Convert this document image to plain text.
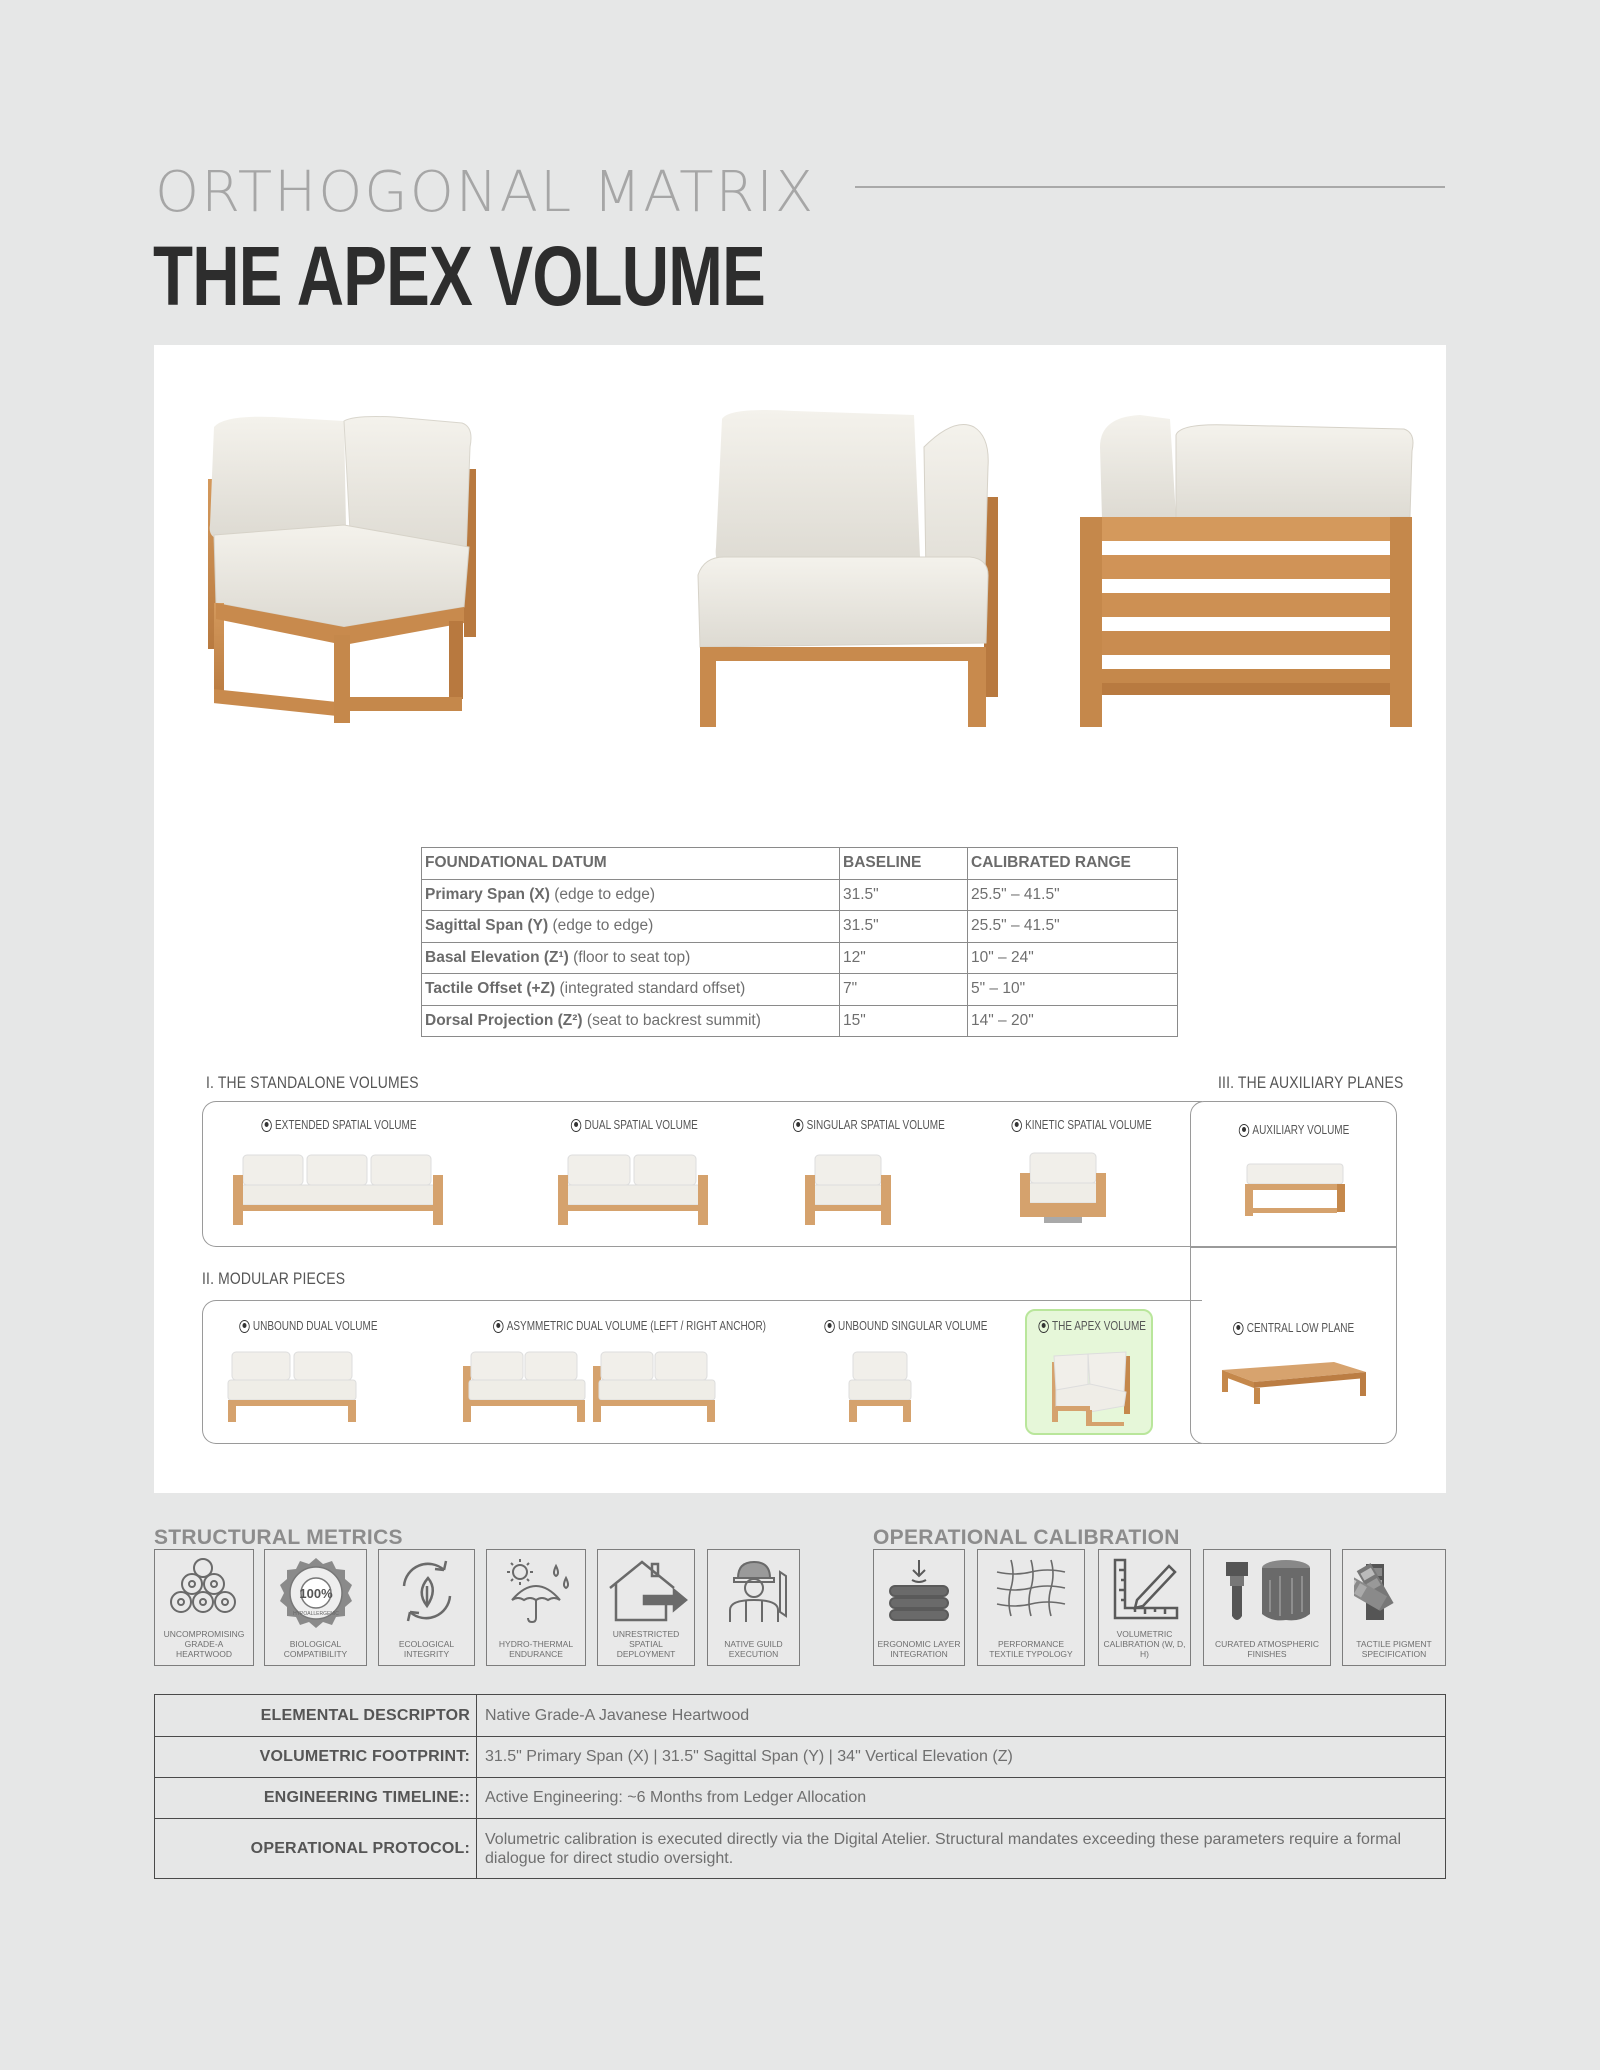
ORTHOGONAL MATRIX
THE APEX VOLUME
FOUNDATIONAL DATUM	BASELINE	CALIBRATED RANGE
Primary Span (X) (edge to edge)	31.5"	25.5" – 41.5"
Sagittal Span (Y) (edge to edge)	31.5"	25.5" – 41.5"
Basal Elevation (Z¹) (floor to seat top)	12"	10" – 24"
Tactile Offset (+Z) (integrated standard offset)	7"	5" – 10"
Dorsal Projection (Z²) (seat to backrest summit)	15"	14" – 20"
I. THE STANDALONE VOLUMES	III. THE AUXILIARY PLANES
II. MODULAR PIECES
EXTENDED SPATIAL VOLUME	DUAL SPATIAL VOLUME	SINGULAR SPATIAL VOLUME	KINETIC SPATIAL VOLUME	AUXILIARY VOLUME
CENTRAL LOW PLANE
UNBOUND DUAL VOLUME	ASYMMETRIC DUAL VOLUME (LEFT / RIGHT ANCHOR)	UNBOUND SINGULAR VOLUME	THE APEX VOLUME
STRUCTURAL METRICS	OPERATIONAL CALIBRATION
UNCOMPROMISING GRADE-A HEARTWOOD
100%
HYPOALLERGENIC
BIOLOGICAL COMPATIBILITY
ECOLOGICAL INTEGRITY
HYDRO-THERMAL ENDURANCE
UNRESTRICTED SPATIAL DEPLOYMENT
NATIVE GUILD EXECUTION
ERGONOMIC LAYER INTEGRATION
PERFORMANCE TEXTILE TYPOLOGY
VOLUMETRIC CALIBRATION (W, D, H)
CURATED ATMOSPHERIC FINISHES
TACTILE PIGMENT SPECIFICATION
ELEMENTAL DESCRIPTOR	Native Grade-A Javanese Heartwood
VOLUMETRIC FOOTPRINT:	31.5" Primary Span (X) | 31.5" Sagittal Span (Y) | 34" Vertical Elevation (Z)
ENGINEERING TIMELINE::	Active Engineering: ~6 Months from Ledger Allocation
OPERATIONAL PROTOCOL:	Volumetric calibration is executed directly via the Digital Atelier. Structural mandates exceeding these parameters require a formal dialogue for direct studio oversight.
